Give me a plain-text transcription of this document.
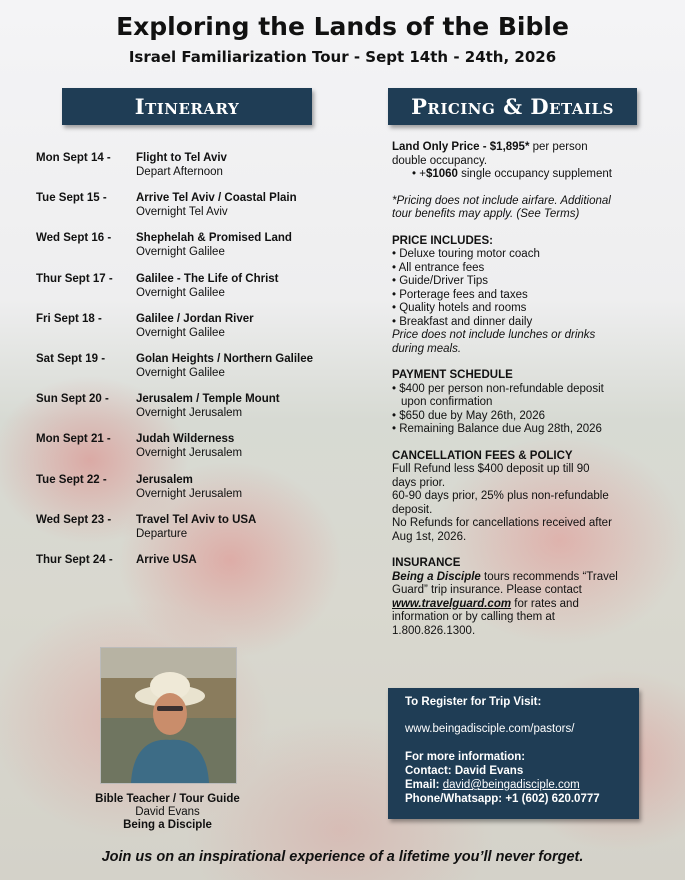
Exploring the Lands of the Bible
Israel Familiarization Tour - Sept 14th - 24th, 2026
Itinerary	Pricing & Details
Mon Sept 14 - Flight to Tel Aviv
Depart Afternoon
Tue Sept 15 -	Arrive Tel Aviv / Coastal Plain
Overnight Tel Aviv
Wed Sept 16 - Shephelah & Promised Land
Overnight Galilee
Thur Sept 17 - Galilee - The Life of Christ
Overnight Galilee
Fri Sept 18 -	Galilee / Jordan River
Overnight Galilee
Sat Sept 19 -	Golan Heights / Northern Galilee
Overnight Galilee
Sun Sept 20 - Jerusalem / Temple Mount
Overnight Jerusalem
Mon Sept 21 - Judah Wilderness
Overnight Jerusalem
Tue Sept 22 -	Jerusalem
Overnight Jerusalem
Wed Sept 23 - Travel Tel Aviv to USA
Departure
Thur Sept 24 - Arrive USA

Land Only Price - $1,895* per person

double occupancy.

• +$1060 single occupancy supplement

*Pricing does not include airfare. Additional

tour benefits may apply. (See Terms)

PRICE INCLUDES:

• Deluxe touring motor coach

• All entrance fees

• Guide/Driver Tips

• Porterage fees and taxes

• Quality hotels and rooms

• Breakfast and dinner daily

Price does not include lunches or drinks

during meals.

PAYMENT SCHEDULE

• $400 per person non-refundable deposit

upon confirmation

• $650 due by May 26th, 2026

• Remaining Balance due Aug 28th, 2026

CANCELLATION FEES & POLICY

Full Refund less $400 deposit up till 90

days prior.

60-90 days prior, 25% plus non-refundable

deposit.

No Refunds for cancellations received after

Aug 1st, 2026.

INSURANCE

Being a Disciple tours recommends “Travel

Guard” trip insurance. Please contact

www.travelguard.com for rates and

information or by calling them at

1.800.826.1300.

Bible Teacher / Tour Guide
David Evans
Being a Disciple

To Register for Trip Visit:

www.beingadisciple.com/pastors/

For more information:

Contact: David Evans

Email: david@beingadisciple.com

Phone/Whatsapp: +1 (602) 620.0777

Join us on an inspirational experience of a lifetime you’ll never forget.
